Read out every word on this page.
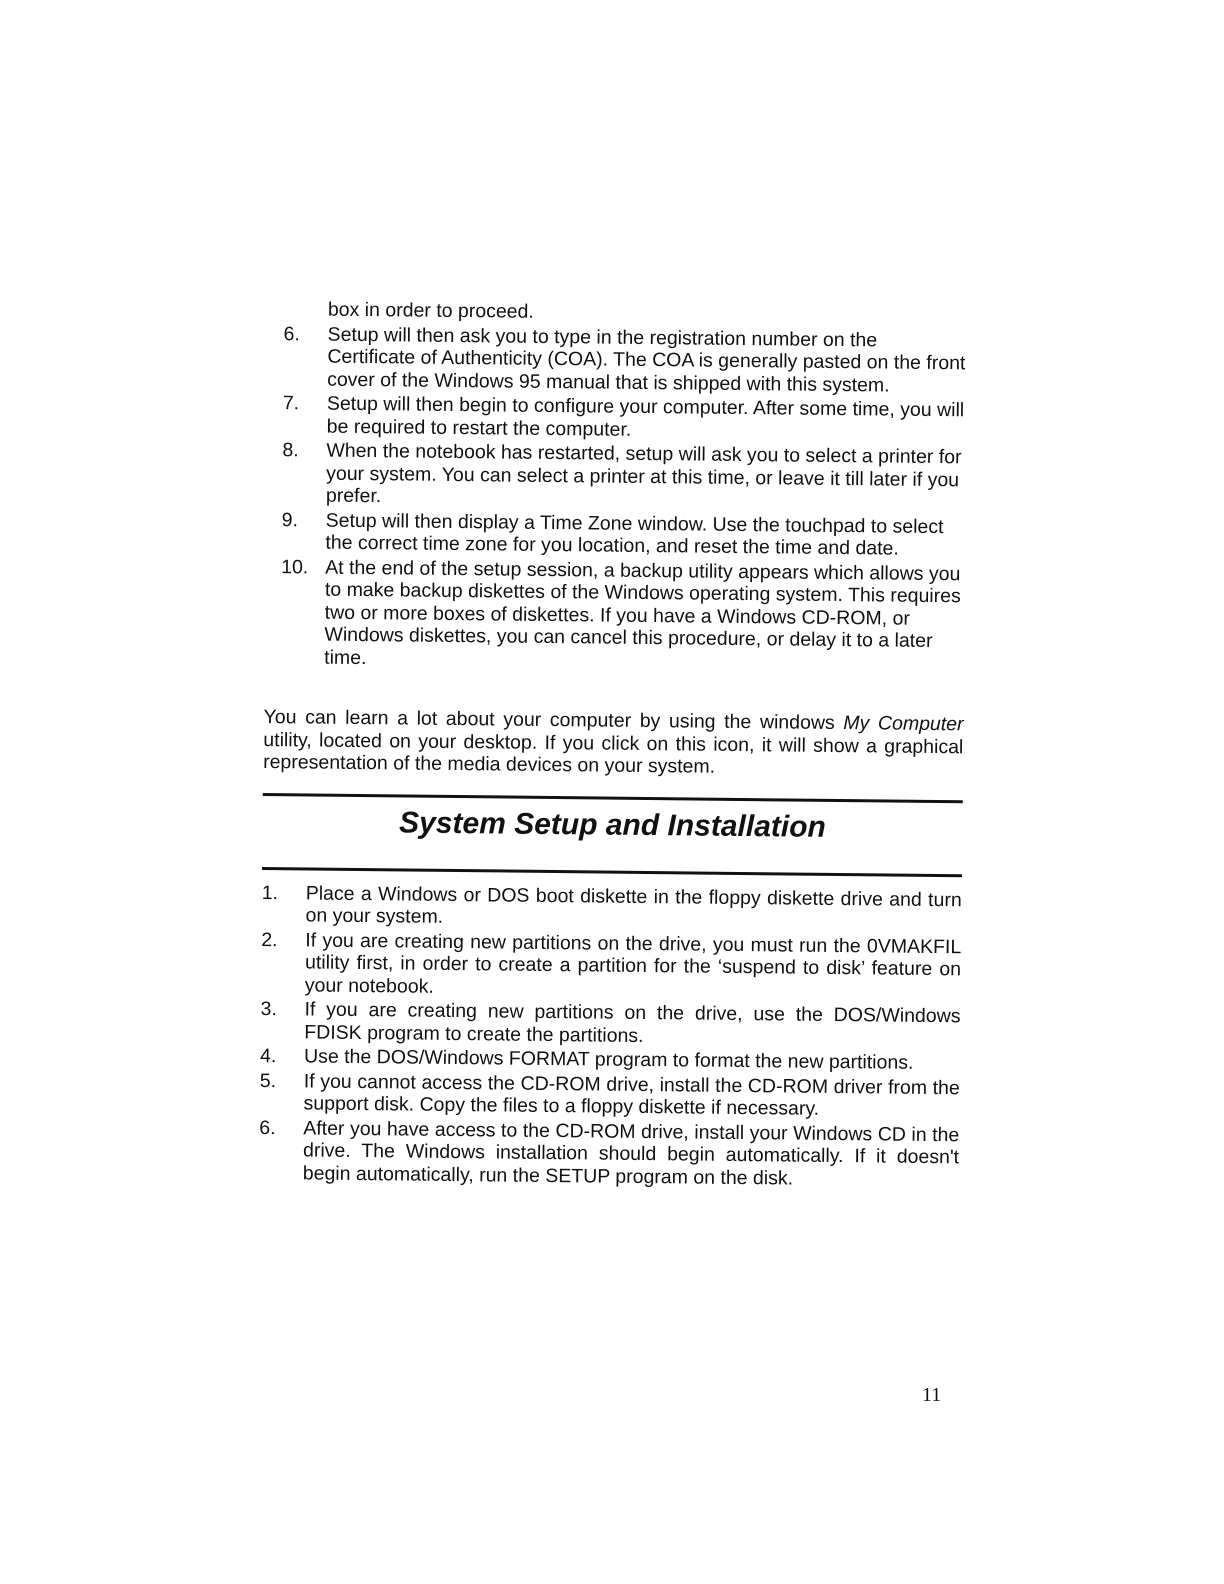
box in order to proceed.
6.	Setup will then ask you to type in the registration number on the Certificate of Authenticity (COA). The COA is generally pasted on the front cover of the Windows 95 manual that is shipped with this system.
7.	Setup will then begin to configure your computer. After some time, you will be required to restart the computer.
8.	When the notebook has restarted, setup will ask you to select a printer for your system. You can select a printer at this time, or leave it till later if you prefer.
9.	Setup will then display a Time Zone window. Use the touchpad to select the correct time zone for you location, and reset the time and date.
10. At the end of the setup session, a backup utility appears which allows you to make backup diskettes of the Windows operating system. This requires two or more boxes of diskettes. If you have a Windows CD-ROM, or Windows diskettes, you can cancel this procedure, or delay it to a later time.

You can learn a lot about your computer by using the windows My Computer utility, located on your desktop. If you click on this icon, it will show a graphical representation of the media devices on your system.

System Setup and Installation
1.	Place a Windows or DOS boot diskette in the floppy diskette drive and turn on your system.
2.	If you are creating new partitions on the drive, you must run the 0VMAKFIL utility first, in order to create a partition for the ‘suspend to disk’ feature on your notebook.
3.	If you are creating new partitions on the drive, use the DOS/Windows FDISK program to create the partitions.
4.	Use the DOS/Windows FORMAT program to format the new partitions.
5.	If you cannot access the CD-ROM drive, install the CD-ROM driver from the support disk. Copy the files to a floppy diskette if necessary.
6.	After you have access to the CD-ROM drive, install your Windows CD in the drive. The Windows installation should begin automatically. If it doesn't begin automatically, run the SETUP program on the disk.
11
